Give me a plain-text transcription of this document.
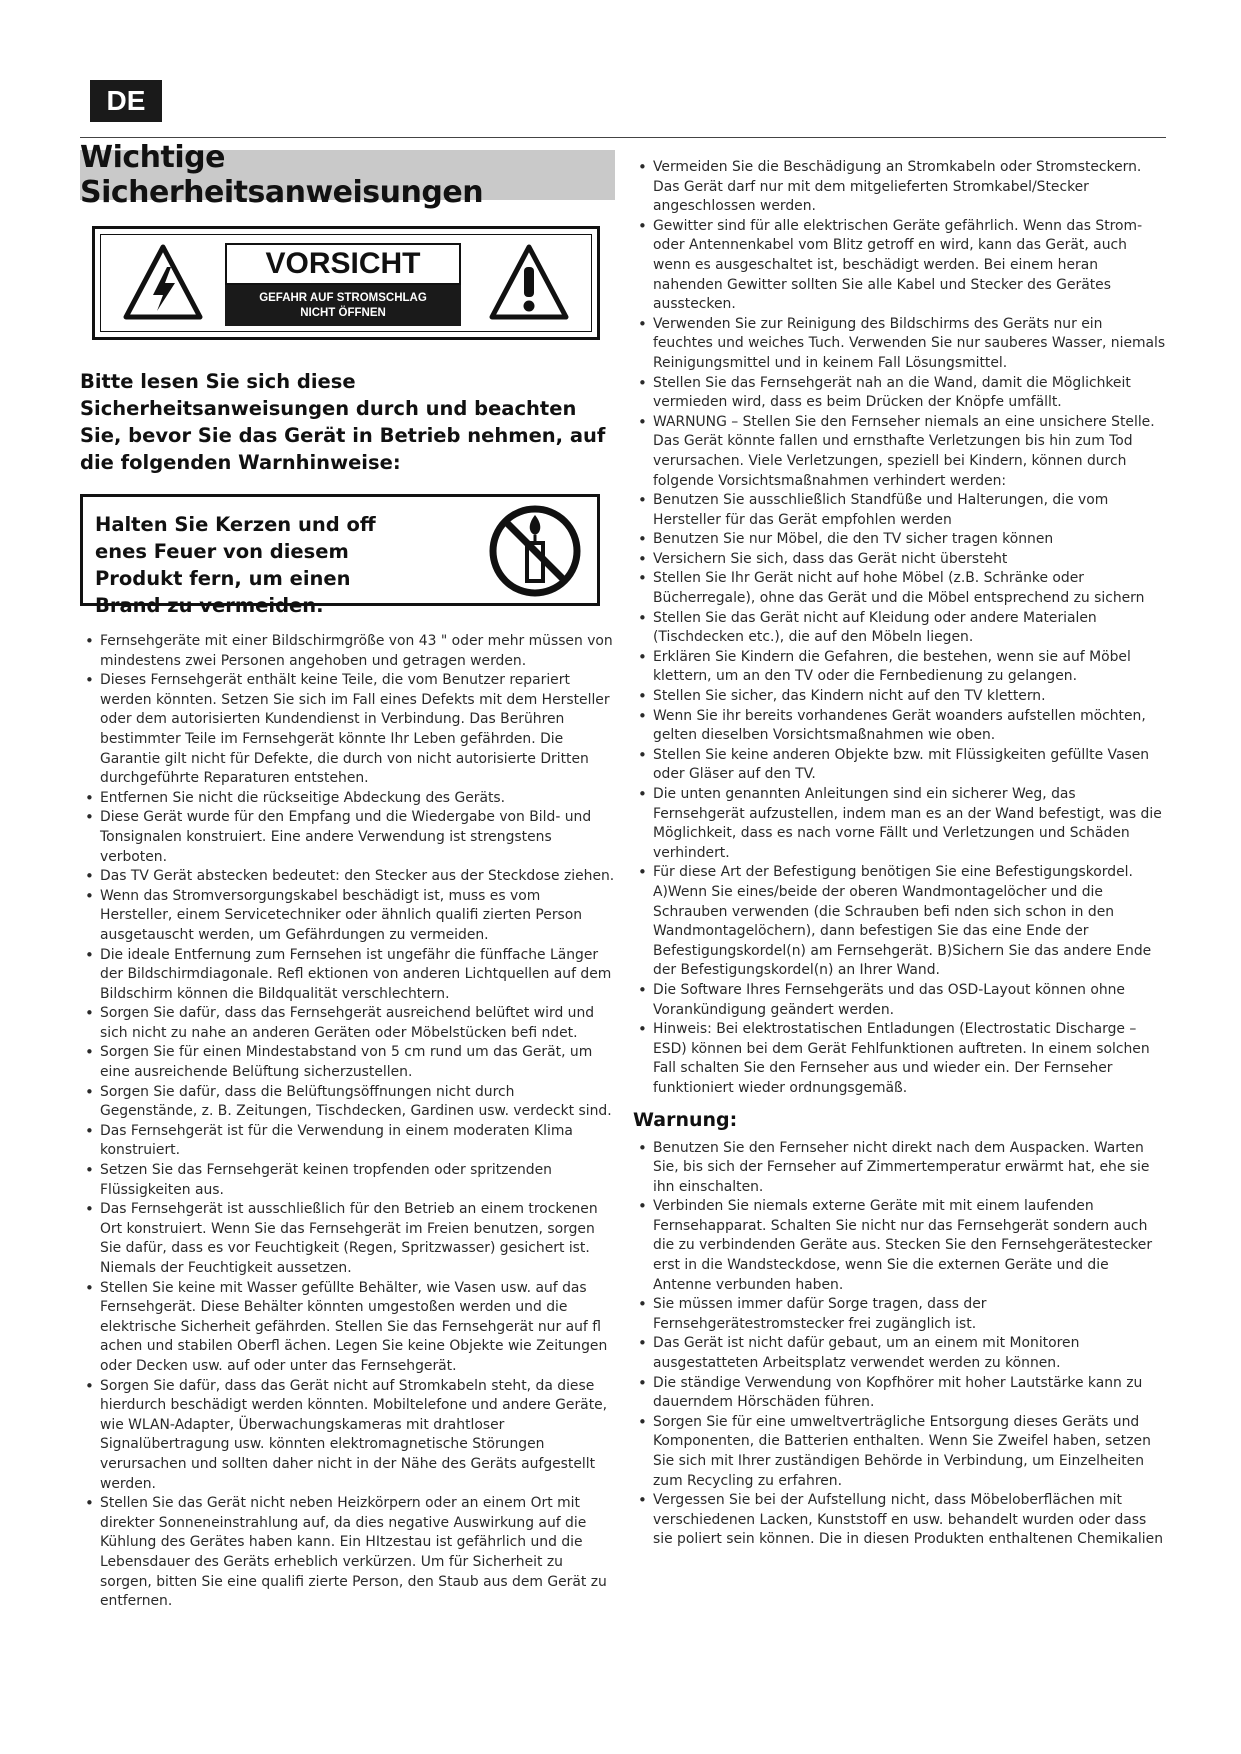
DE
Wichtige Sicherheitsanweisungen
VORSICHT
GEFAHR AUF STROMSCHLAG
NICHT ÖFFNEN
Bitte lesen Sie sich diese Sicherheitsanweisungen durch und beachten Sie, bevor Sie das Gerät in Betrieb nehmen, auf die folgenden Warnhinweise:
Halten Sie Kerzen und off enes Feuer von diesem Produkt fern, um einen Brand zu vermeiden.
• Fernsehgeräte mit einer Bildschirmgröße von 43 " oder mehr müssen von mindestens zwei Personen angehoben und getragen werden.
• Dieses Fernsehgerät enthält keine Teile, die vom Benutzer repariert werden könnten. Setzen Sie sich im Fall eines Defekts mit dem Hersteller oder dem autorisierten Kundendienst in Verbindung. Das Berühren bestimmter Teile im Fernsehgerät könnte Ihr Leben gefährden. Die Garantie gilt nicht für Defekte, die durch von nicht autorisierte Dritten durchgeführte Reparaturen entstehen.
• Entfernen Sie nicht die rückseitige Abdeckung des Geräts.
• Diese Gerät wurde für den Empfang und die Wiedergabe von Bild- und Tonsignalen konstruiert. Eine andere Verwendung ist strengstens verboten.
• Das TV Gerät abstecken bedeutet: den Stecker aus der Steckdose ziehen.
• Wenn das Stromversorgungskabel beschädigt ist, muss es vom Hersteller, einem Servicetechniker oder ähnlich qualifi zierten Person ausgetauscht werden, um Gefährdungen zu vermeiden.
• Die ideale Entfernung zum Fernsehen ist ungefähr die fünffache Länger der Bildschirmdiagonale. Refl ektionen von anderen Lichtquellen auf dem Bildschirm können die Bildqualität verschlechtern.
• Sorgen Sie dafür, dass das Fernsehgerät ausreichend belüftet wird und sich nicht zu nahe an anderen Geräten oder Möbelstücken befi ndet.
• Sorgen Sie für einen Mindestabstand von 5 cm rund um das Gerät, um eine ausreichende Belüftung sicherzustellen.
• Sorgen Sie dafür, dass die Belüftungsöffnungen nicht durch Gegenstände, z. B. Zeitungen, Tischdecken, Gardinen usw. verdeckt sind.
• Das Fernsehgerät ist für die Verwendung in einem moderaten Klima konstruiert.
• Setzen Sie das Fernsehgerät keinen tropfenden oder spritzenden Flüssigkeiten aus.
• Das Fernsehgerät ist ausschließlich für den Betrieb an einem trockenen Ort konstruiert. Wenn Sie das Fernsehgerät im Freien benutzen, sorgen Sie dafür, dass es vor Feuchtigkeit (Regen, Spritzwasser) gesichert ist. Niemals der Feuchtigkeit aussetzen.
• Stellen Sie keine mit Wasser gefüllte Behälter, wie Vasen usw. auf das Fernsehgerät. Diese Behälter könnten umgestoßen werden und die elektrische Sicherheit gefährden. Stellen Sie das Fernsehgerät nur auf fl achen und stabilen Oberfl ächen. Legen Sie keine Objekte wie Zeitungen oder Decken usw. auf oder unter das Fernsehgerät.
• Sorgen Sie dafür, dass das Gerät nicht auf Stromkabeln steht, da diese hierdurch beschädigt werden könnten. Mobiltelefone und andere Geräte, wie WLAN-Adapter, Überwachungskameras mit drahtloser Signalübertragung usw. könnten elektromagnetische Störungen verursachen und sollten daher nicht in der Nähe des Geräts aufgestellt werden.
• Stellen Sie das Gerät nicht neben Heizkörpern oder an einem Ort mit direkter Sonneneinstrahlung auf, da dies negative Auswirkung auf die Kühlung des Gerätes haben kann. Ein HItzestau ist gefährlich und die Lebensdauer des Geräts erheblich verkürzen. Um für Sicherheit zu sorgen, bitten Sie eine qualifi zierte Person, den Staub aus dem Gerät zu entfernen.
• Vermeiden Sie die Beschädigung an Stromkabeln oder Stromsteckern. Das Gerät darf nur mit dem mitgelieferten Stromkabel/Stecker angeschlossen werden.
• Gewitter sind für alle elektrischen Geräte gefährlich. Wenn das Strom- oder Antennenkabel vom Blitz getroff en wird, kann das Gerät, auch wenn es ausgeschaltet ist, beschädigt werden. Bei einem heran nahenden Gewitter sollten Sie alle Kabel und Stecker des Gerätes ausstecken.
• Verwenden Sie zur Reinigung des Bildschirms des Geräts nur ein feuchtes und weiches Tuch. Verwenden Sie nur sauberes Wasser, niemals Reinigungsmittel und in keinem Fall Lösungsmittel.
• Stellen Sie das Fernsehgerät nah an die Wand, damit die Möglichkeit vermieden wird, dass es beim Drücken der Knöpfe umfällt.
• WARNUNG – Stellen Sie den Fernseher niemals an eine unsichere Stelle. Das Gerät könnte fallen und ernsthafte Verletzungen bis hin zum Tod verursachen. Viele Verletzungen, speziell bei Kindern, können durch folgende Vorsichtsmaßnahmen verhindert werden:
• Benutzen Sie ausschließlich Standfüße und Halterungen, die vom Hersteller für das Gerät empfohlen werden
• Benutzen Sie nur Möbel, die den TV sicher tragen können
• Versichern Sie sich, dass das Gerät nicht übersteht
• Stellen Sie Ihr Gerät nicht auf hohe Möbel (z.B. Schränke oder Bücherregale), ohne das Gerät und die Möbel entsprechend zu sichern
• Stellen Sie das Gerät nicht auf Kleidung oder andere Materialen (Tischdecken etc.), die auf den Möbeln liegen.
• Erklären Sie Kindern die Gefahren, die bestehen, wenn sie auf Möbel klettern, um an den TV oder die Fernbedienung zu gelangen.
• Stellen Sie sicher, das Kindern nicht auf den TV klettern.
• Wenn Sie ihr bereits vorhandenes Gerät woanders aufstellen möchten, gelten dieselben Vorsichtsmaßnahmen wie oben.
• Stellen Sie keine anderen Objekte bzw. mit Flüssigkeiten gefüllte Vasen oder Gläser auf den TV.
• Die unten genannten Anleitungen sind ein sicherer Weg, das Fernsehgerät aufzustellen, indem man es an der Wand befestigt, was die Möglichkeit, dass es nach vorne Fällt und Verletzungen und Schäden verhindert.
• Für diese Art der Befestigung benötigen Sie eine Befestigungskordel. A)Wenn Sie eines/beide der oberen Wandmontagelöcher und die Schrauben verwenden (die Schrauben befi nden sich schon in den Wandmontagelöchern), dann befestigen Sie das eine Ende der Befestigungskordel(n) am Fernsehgerät. B)Sichern Sie das andere Ende der Befestigungskordel(n) an Ihrer Wand.
• Die Software Ihres Fernsehgeräts und das OSD-Layout können ohne Vorankündigung geändert werden.
• Hinweis: Bei elektrostatischen Entladungen (Electrostatic Discharge – ESD) können bei dem Gerät Fehlfunktionen auftreten. In einem solchen Fall schalten Sie den Fernseher aus und wieder ein. Der Fernseher funktioniert wieder ordnungsgemäß.
Warnung:
• Benutzen Sie den Fernseher nicht direkt nach dem Auspacken. Warten Sie, bis sich der Fernseher auf Zimmertemperatur erwärmt hat, ehe sie ihn einschalten.
• Verbinden Sie niemals externe Geräte mit mit einem laufenden Fernsehapparat. Schalten Sie nicht nur das Fernsehgerät sondern auch die zu verbindenden Geräte aus. Stecken Sie den Fernsehgerätestecker erst in die Wandsteckdose, wenn Sie die externen Geräte und die Antenne verbunden haben.
• Sie müssen immer dafür Sorge tragen, dass der Fernsehgerätestromstecker frei zugänglich ist.
• Das Gerät ist nicht dafür gebaut, um an einem mit Monitoren ausgestatteten Arbeitsplatz verwendet werden zu können.
• Die ständige Verwendung von Kopfhörer mit hoher Lautstärke kann zu dauerndem Hörschäden führen.
• Sorgen Sie für eine umweltverträgliche Entsorgung dieses Geräts und Komponenten, die Batterien enthalten. Wenn Sie Zweifel haben, setzen Sie sich mit Ihrer zuständigen Behörde in Verbindung, um Einzelheiten zum Recycling zu erfahren.
• Vergessen Sie bei der Aufstellung nicht, dass Möbeloberflächen mit verschiedenen Lacken, Kunststoff en usw. behandelt wurden oder dass sie poliert sein können. Die in diesen Produkten enthaltenen Chemikalien
